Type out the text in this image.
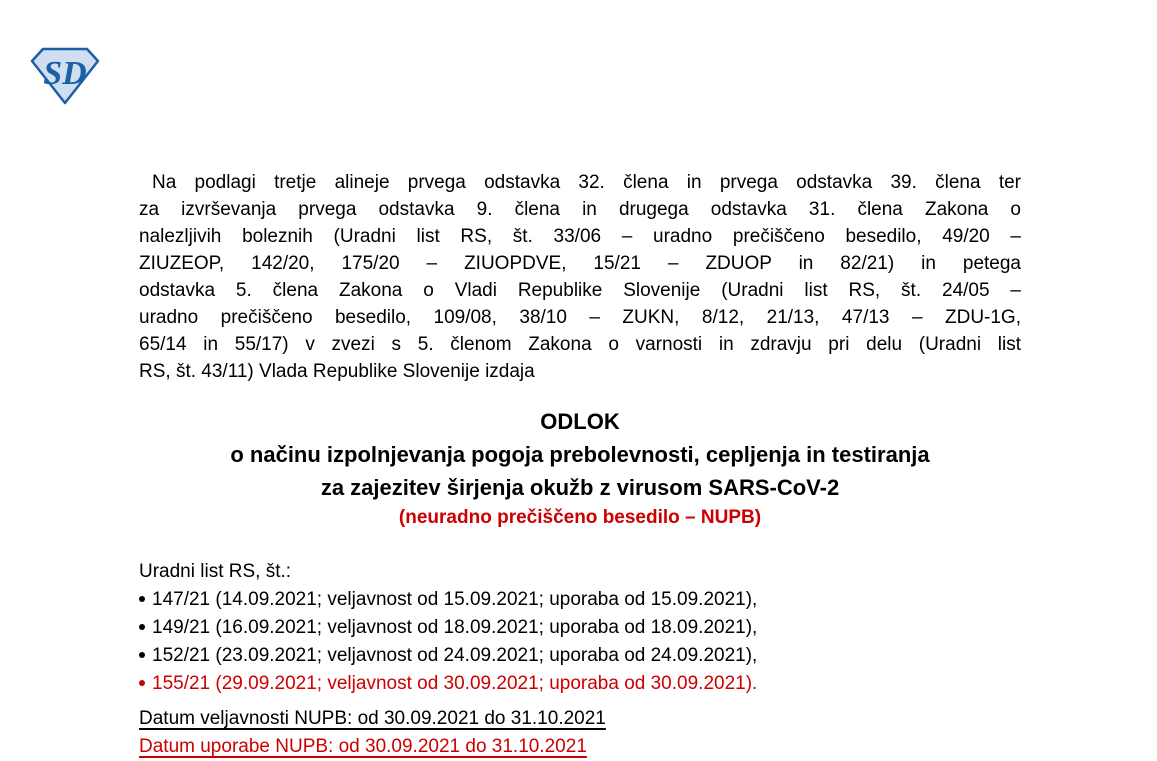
SD
Na podlagi tretje alineje prvega odstavka 32. člena in prvega odstavka 39. člena ter
za izvrševanja prvega odstavka 9. člena in drugega odstavka 31. člena Zakona o
nalezljivih boleznih (Uradni list RS, št. 33/06 – uradno prečiščeno besedilo, 49/20 –
ZIUZEOP, 142/20, 175/20 – ZIUOPDVE, 15/21 – ZDUOP in 82/21) in petega
odstavka 5. člena Zakona o Vladi Republike Slovenije (Uradni list RS, št. 24/05 –
uradno prečiščeno besedilo, 109/08, 38/10 – ZUKN, 8/12, 21/13, 47/13 – ZDU-1G,
65/14 in 55/17) v zvezi s 5. členom Zakona o varnosti in zdravju pri delu (Uradni list
RS, št. 43/11) Vlada Republike Slovenije izdaja
ODLOK
o načinu izpolnjevanja pogoja prebolevnosti, cepljenja in testiranja
za zajezitev širjenja okužb z virusom SARS-CoV-2
(neuradno prečiščeno besedilo – NUPB)
Uradni list RS, št.:
147/21 (14.09.2021; veljavnost od 15.09.2021; uporaba od 15.09.2021),
149/21 (16.09.2021; veljavnost od 18.09.2021; uporaba od 18.09.2021),
152/21 (23.09.2021; veljavnost od 24.09.2021; uporaba od 24.09.2021),
155/21 (29.09.2021; veljavnost od 30.09.2021; uporaba od 30.09.2021).
Datum veljavnosti NUPB: od 30.09.2021 do 31.10.2021
Datum uporabe NUPB: od 30.09.2021 do 31.10.2021
